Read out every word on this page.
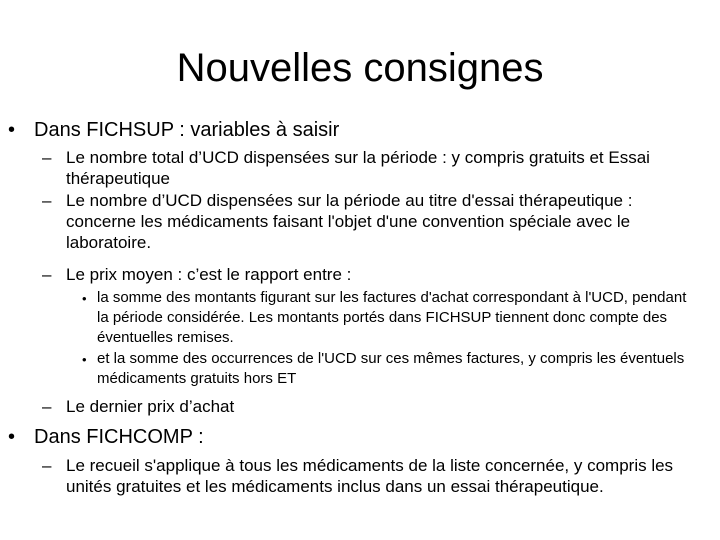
Nouvelles consignes
• Dans FICHSUP : variables à saisir
– Le nombre total d’UCD dispensées sur la période : y compris gratuits et Essai thérapeutique
– Le nombre d’UCD dispensées sur la période au titre d'essai thérapeutique : concerne les médicaments faisant l'objet d'une convention spéciale avec le laboratoire.
– Le prix moyen : c’est le rapport entre :
• la somme des montants figurant sur les factures d'achat correspondant à l'UCD, pendant la période considérée. Les montants portés dans FICHSUP tiennent donc compte des éventuelles remises.
• et la somme des occurrences de l'UCD sur ces mêmes factures, y compris les éventuels médicaments gratuits hors ET
– Le dernier prix d’achat
• Dans FICHCOMP :
– Le recueil s'applique à tous les médicaments de la liste concernée, y compris les unités gratuites et les médicaments inclus dans un essai thérapeutique.
